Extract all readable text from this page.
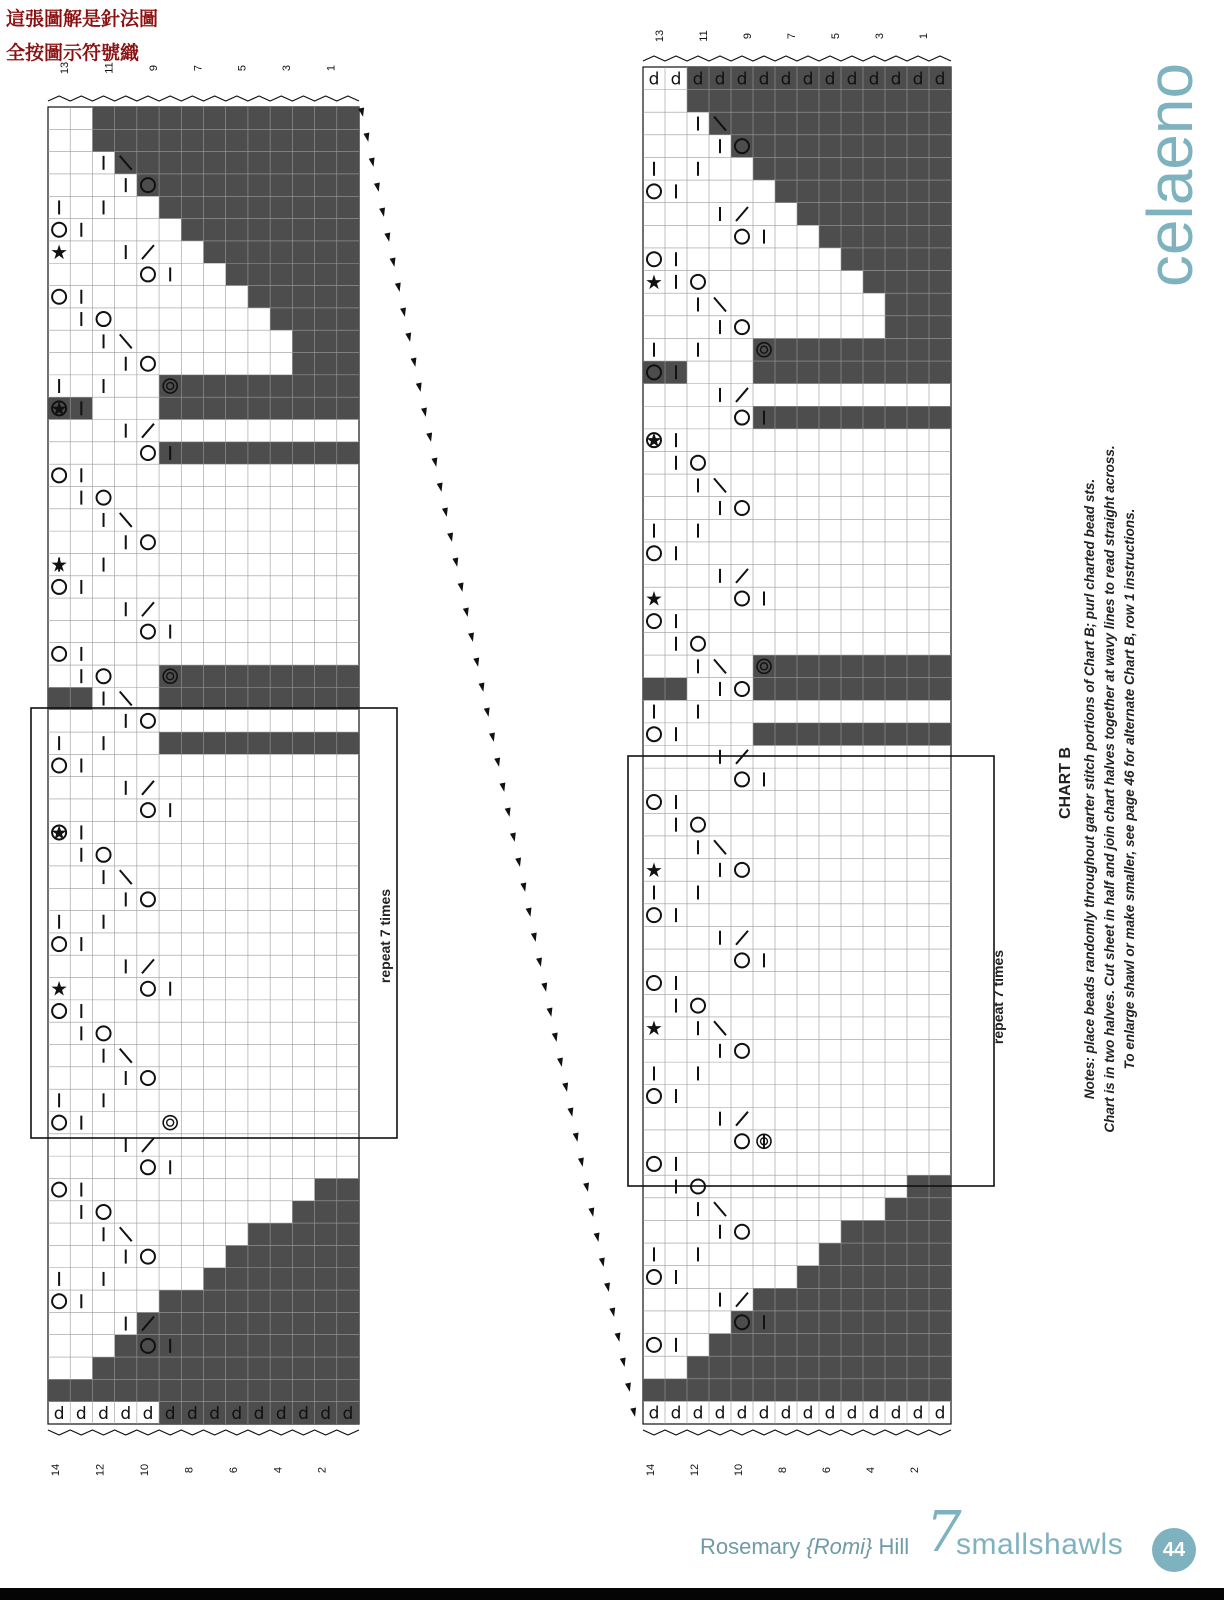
這張圖解是針法圖
全按圖示符號織
d d d d d d d d d d d d d d
★
★
★
★
★
13	11	9	7	5	3	1
14	12	10	8	6	4	2
d d d d d d d d d d d d d d
d d d d d d d d d d d d d d
★
★
★
★
★
13	11	9	7	5	3	1
14	12	10	8	6	4	2
celaeno
CHART B Notes: place beads randomly throughout garter stitch portions of Chart B; purl charted bead sts. Chart is in two halves. Cut sheet in half and join chart halves together at wavy lines to read straight across. To enlarge shawl or make smaller, see page 46 for alternate Chart B, row 1 instructions.
repeat 7 times
repeat 7 times
Rosemary {Romi} Hill 7
smallshawls	44
